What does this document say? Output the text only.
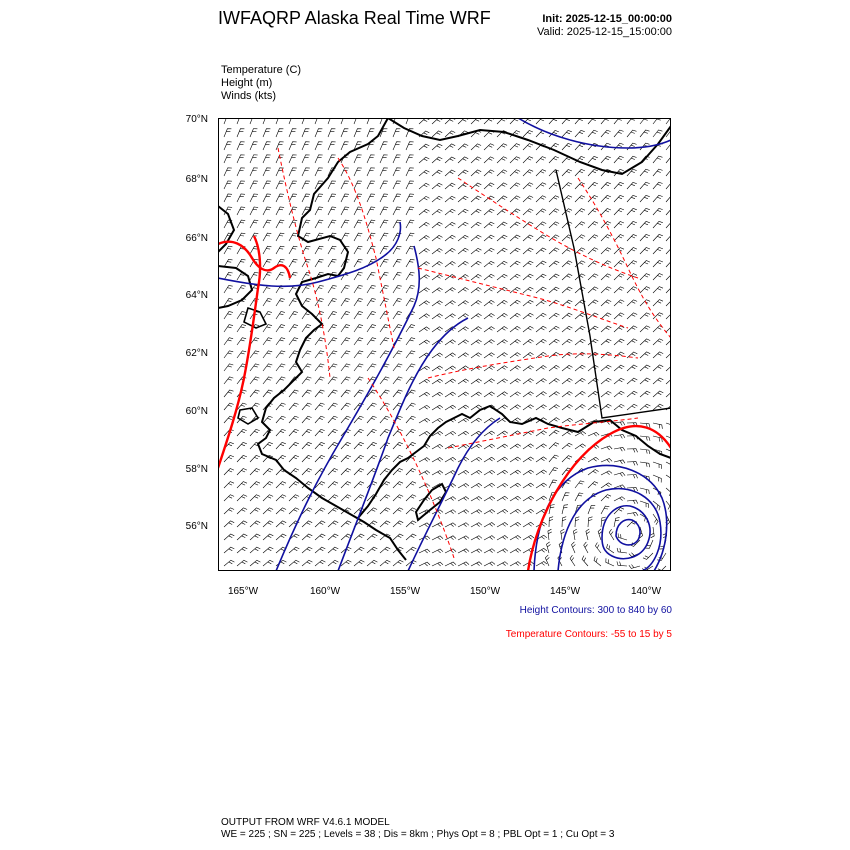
IWFAQRP Alaska Real Time WRF	Init: 2025-12-15_00:00:00
Valid: 2025-12-15_15:00:00
Temperature (C)
Height (m)
Winds (kts)
70°N
68°N
66°N
64°N
62°N
60°N
58°N
56°N
165°W	160°W	155°W	150°W	145°W	140°W
Height Contours: 300 to 840 by 60
Temperature Contours: -55 to 15 by 5
OUTPUT FROM WRF V4.6.1 MODEL
WE = 225 ; SN = 225 ; Levels = 38 ; Dis = 8km ; Phys Opt = 8 ; PBL Opt = 1 ; Cu Opt = 3
